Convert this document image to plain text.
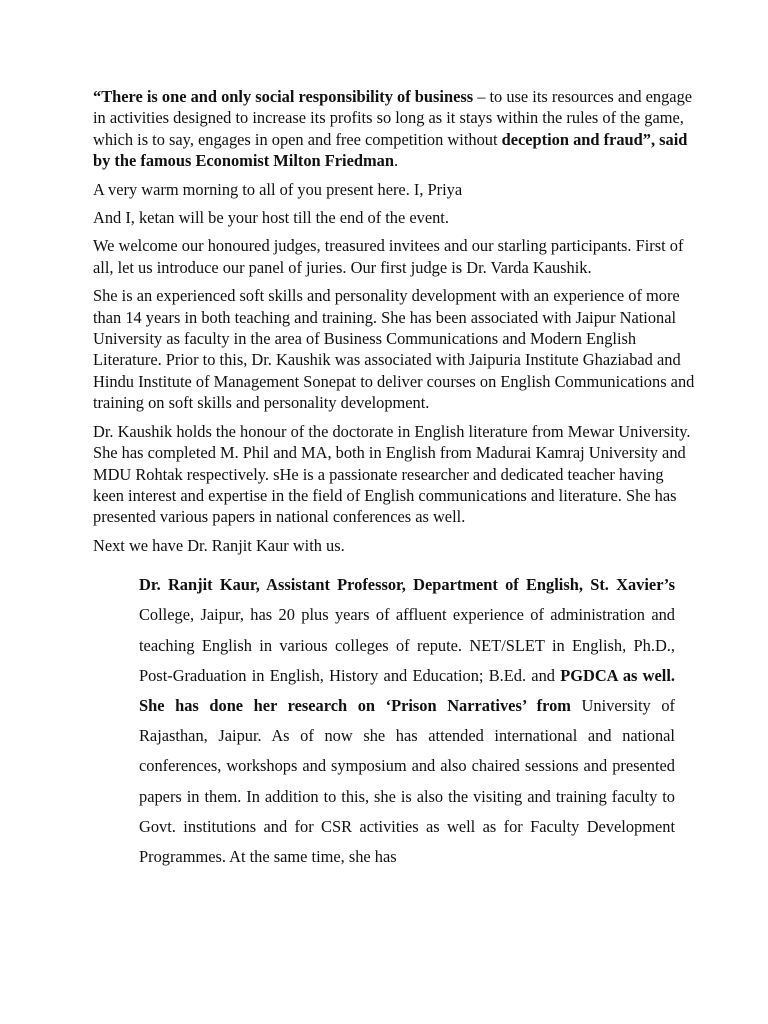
“There is one and only social responsibility of business – to use its resources and engage in activities designed to increase its profits so long as it stays within the rules of the game, which is to say, engages in open and free competition without deception and fraud”, said by the famous Economist Milton Friedman.

A very warm morning to all of you present here. I, Priya

And I, ketan will be your host till the end of the event.

We welcome our honoured judges, treasured invitees and our starling participants. First of all, let us introduce our panel of juries. Our first judge is Dr. Varda Kaushik.

She is an experienced soft skills and personality development with an experience of more than 14 years in both teaching and training. She has been associated with Jaipur National University as faculty in the area of Business Communications and Modern English Literature. Prior to this, Dr. Kaushik was associated with Jaipuria Institute Ghaziabad and Hindu Institute of Management Sonepat to deliver courses on English Communications and training on soft skills and personality development.

Dr. Kaushik holds the honour of the doctorate in English literature from Mewar University. She has completed M. Phil and MA, both in English from Madurai Kamraj University and MDU Rohtak respectively. sHe is a passionate researcher and dedicated teacher having keen interest and expertise in the field of English communications and literature. She has presented various papers in national conferences as well.

Next we have Dr. Ranjit Kaur with us.

Dr. Ranjit Kaur, Assistant Professor, Department of English, St. Xavier’s College, Jaipur, has 20 plus years of affluent experience of administration and teaching English in various colleges of repute. NET/SLET in English, Ph.D., Post-Graduation in English, History and Education; B.Ed. and PGDCA as well. She has done her research on ‘Prison Narratives’ from University of Rajasthan, Jaipur. As of now she has attended international and national conferences, workshops and symposium and also chaired sessions and presented papers in them. In addition to this, she is also the visiting and training faculty to Govt. institutions and for CSR activities as well as for Faculty Development Programmes. At the same time, she has
